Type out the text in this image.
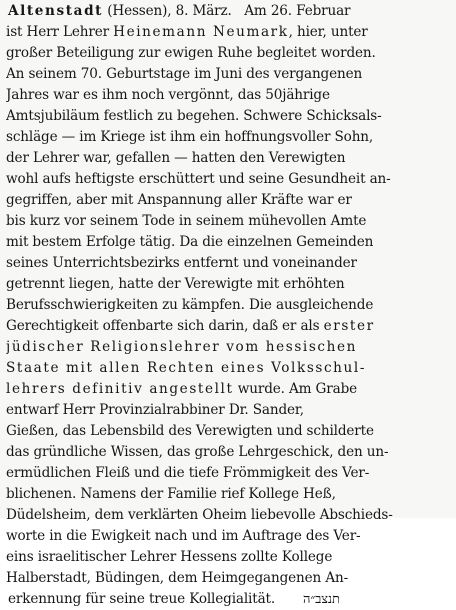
Altenstadt (Hessen), 8. März. Am 26. Februar
ist Herr Lehrer Heinemann Neumark, hier, unter
großer Beteiligung zur ewigen Ruhe begleitet worden.
An seinem 70. Geburtstage im Juni des vergangenen
Jahres war es ihm noch vergönnt, das 50jährige
Amtsjubiläum festlich zu begehen. Schwere Schicksals-
schläge — im Kriege ist ihm ein hoffnungsvoller Sohn,
der Lehrer war, gefallen — hatten den Verewigten
wohl aufs heftigste erschüttert und seine Gesundheit an-
gegriffen, aber mit Anspannung aller Kräfte war er
bis kurz vor seinem Tode in seinem mühevollen Amte
mit bestem Erfolge tätig. Da die einzelnen Gemeinden
seines Unterrichtsbezirks entfernt und voneinander
getrennt liegen, hatte der Verewigte mit erhöhten
Berufsschwierigkeiten zu kämpfen. Die ausgleichende
Gerechtigkeit offenbarte sich darin, daß er als erster
jüdischer Religionslehrer vom hessischen
Staate mit allen Rechten eines Volksschul-
lehrers definitiv angestellt wurde. Am Grabe
entwarf Herr Provinzialrabbiner Dr. Sander,
Gießen, das Lebensbild des Verewigten und schilderte
das gründliche Wissen, das große Lehrgeschick, den un-
ermüdlichen Fleiß und die tiefe Frömmigkeit des Ver-
blichenen. Namens der Familie rief Kollege Heß,
Düdelsheim, dem verklärten Oheim liebevolle Abschieds-
worte in die Ewigkeit nach und im Auftrage des Ver-
eins israelitischer Lehrer Hessens zollte Kollege
Halberstadt, Büdingen, dem Heimgegangenen An-
erkennung für seine treue Kollegialität. תנצב״ה
